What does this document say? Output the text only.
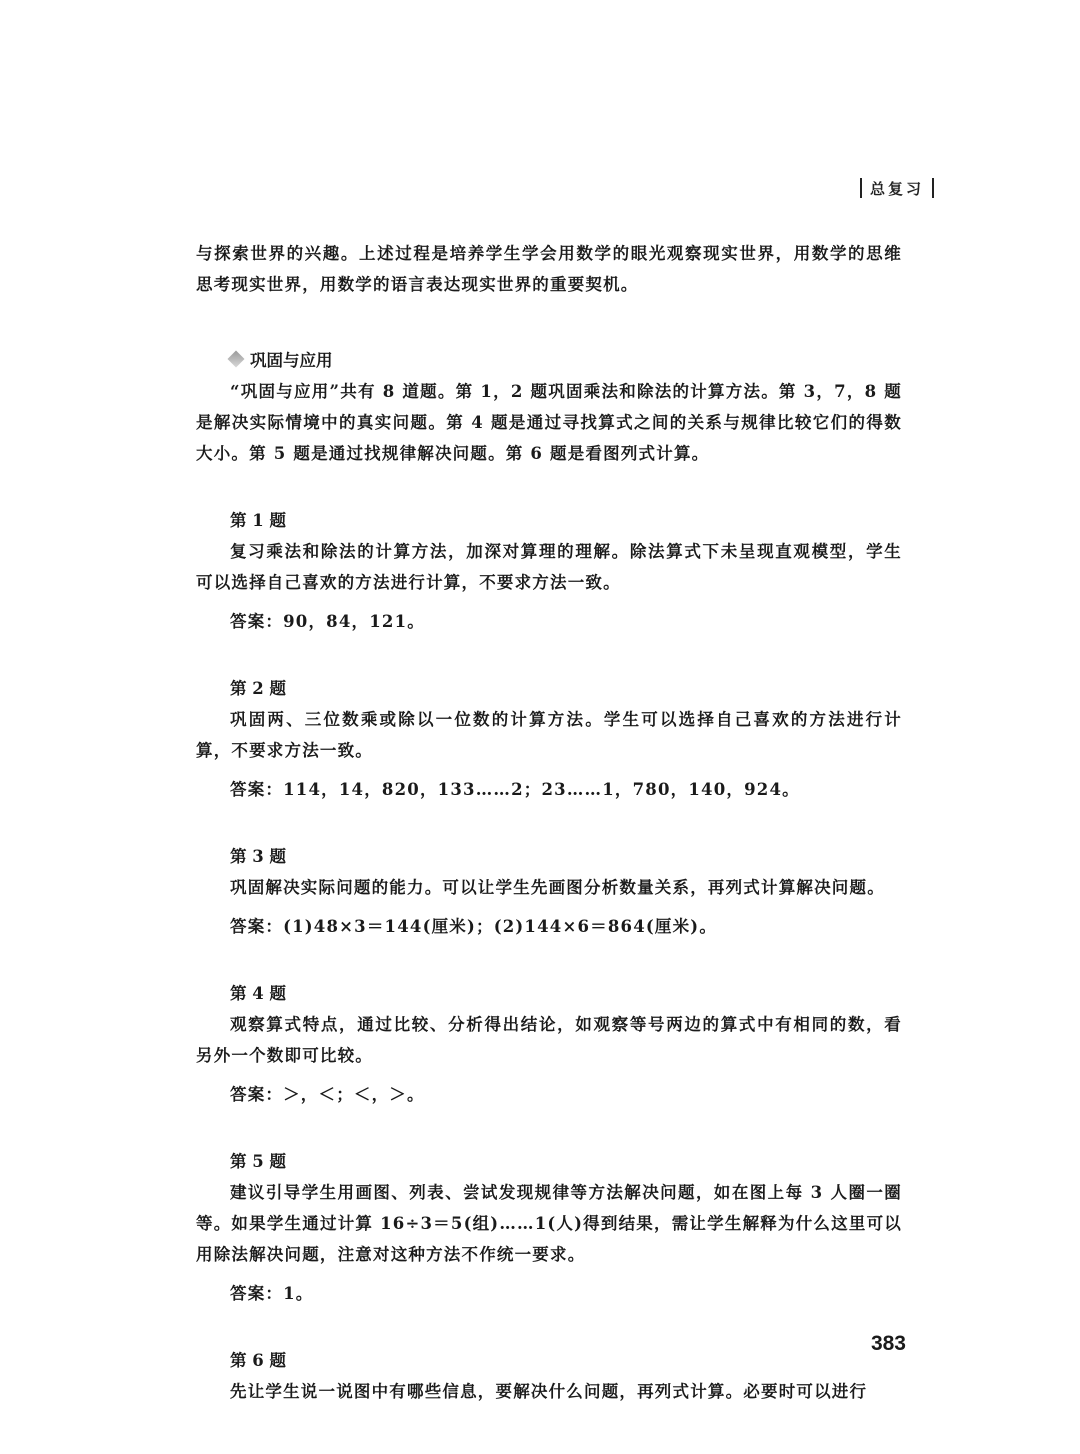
总复习

与探索世界的兴趣。上述过程是培养学生学会用数学的眼光观察现实世界，用数学的思维思考现实世界，用数学的语言表达现实世界的重要契机。

巩固与应用

“巩固与应用”共有 8 道题。第 1，2 题巩固乘法和除法的计算方法。第 3，7，8 题是解决实际情境中的真实问题。第 4 题是通过寻找算式之间的关系与规律比较它们的得数大小。第 5 题是通过找规律解决问题。第 6 题是看图列式计算。

第 1 题

复习乘法和除法的计算方法，加深对算理的理解。除法算式下未呈现直观模型，学生可以选择自己喜欢的方法进行计算，不要求方法一致。

答案：90，84，121。

第 2 题

巩固两、三位数乘或除以一位数的计算方法。学生可以选择自己喜欢的方法进行计算，不要求方法一致。

答案：114，14，820，133……2；23……1，780，140，924。

第 3 题

巩固解决实际问题的能力。可以让学生先画图分析数量关系，再列式计算解决问题。

答案：(1)48×3＝144(厘米)；(2)144×6＝864(厘米)。

第 4 题

观察算式特点，通过比较、分析得出结论，如观察等号两边的算式中有相同的数，看另外一个数即可比较。

答案：＞，＜；＜，＞。

第 5 题

建议引导学生用画图、列表、尝试发现规律等方法解决问题，如在图上每 3 人圈一圈等。如果学生通过计算 16÷3＝5(组)……1(人)得到结果，需让学生解释为什么这里可以用除法解决问题，注意对这种方法不作统一要求。

答案：1。

第 6 题

先让学生说一说图中有哪些信息，要解决什么问题，再列式计算。必要时可以进行

383
